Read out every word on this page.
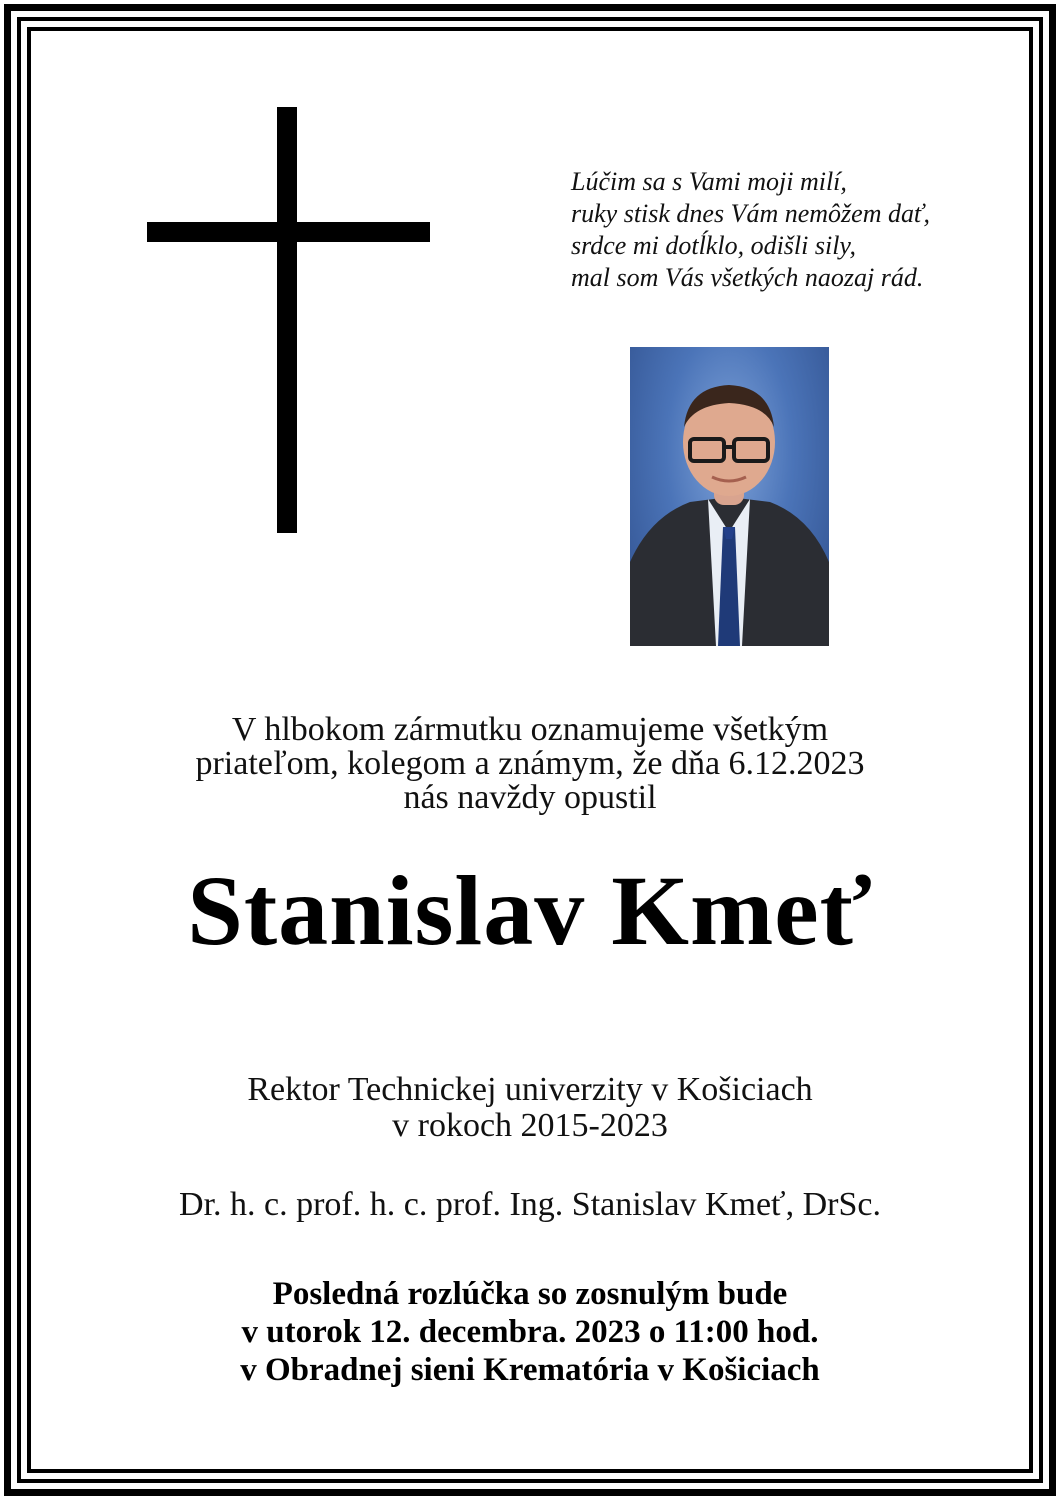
Lúčim sa s Vami moji milí,
ruky stisk dnes Vám nemôžem dať,
srdce mi dotĺklo, odišli sily,
mal som Vás všetkých naozaj rád.
V hlbokom zármutku oznamujeme všetkým
priateľom, kolegom a známym, že dňa 6.12.2023
nás navždy opustil
Stanislav Kmeť
Rektor Technickej univerzity v Košiciach
v rokoch 2015-2023
Dr. h. c. prof. h. c. prof. Ing. Stanislav Kmeť, DrSc.
Posledná rozlúčka so zosnulým bude
v utorok 12. decembra. 2023 o 11:00 hod.
v Obradnej sieni Krematória v Košiciach
